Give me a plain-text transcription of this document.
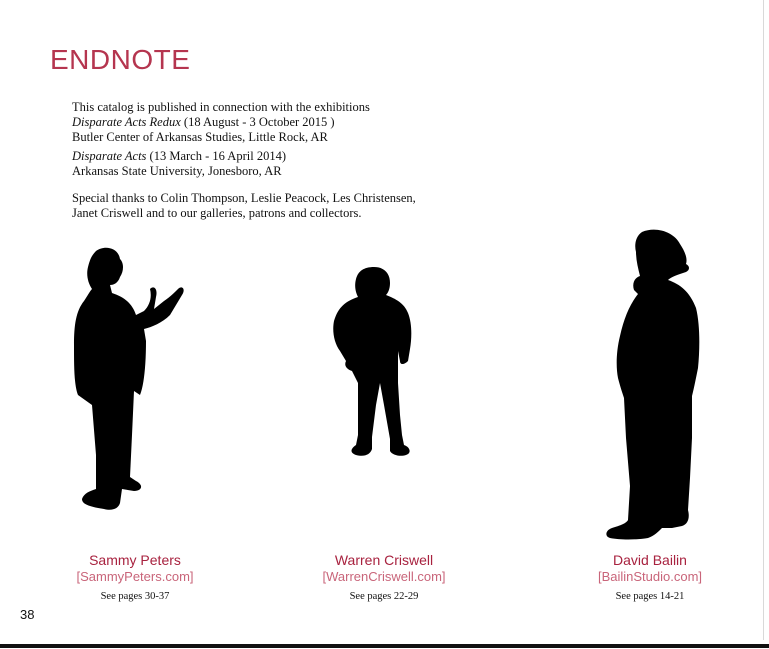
ENDNOTE

This catalog is published in connection with the exhibitions

Disparate Acts Redux (18 August - 3 October 2015 )

Butler Center of Arkansas Studies, Little Rock, AR

Disparate Acts (13 March - 16 April 2014)

Arkansas State University, Jonesboro, AR

Special thanks to Colin Thompson, Leslie Peacock, Les Christensen,

Janet Criswell and to our galleries, patrons and collectors.

Sammy Peters
[SammyPeters.com]
See pages 30-37
Warren Criswell
[WarrenCriswell.com]
See pages 22-29
David Bailin
[BailinStudio.com]
See pages 14-21
38
